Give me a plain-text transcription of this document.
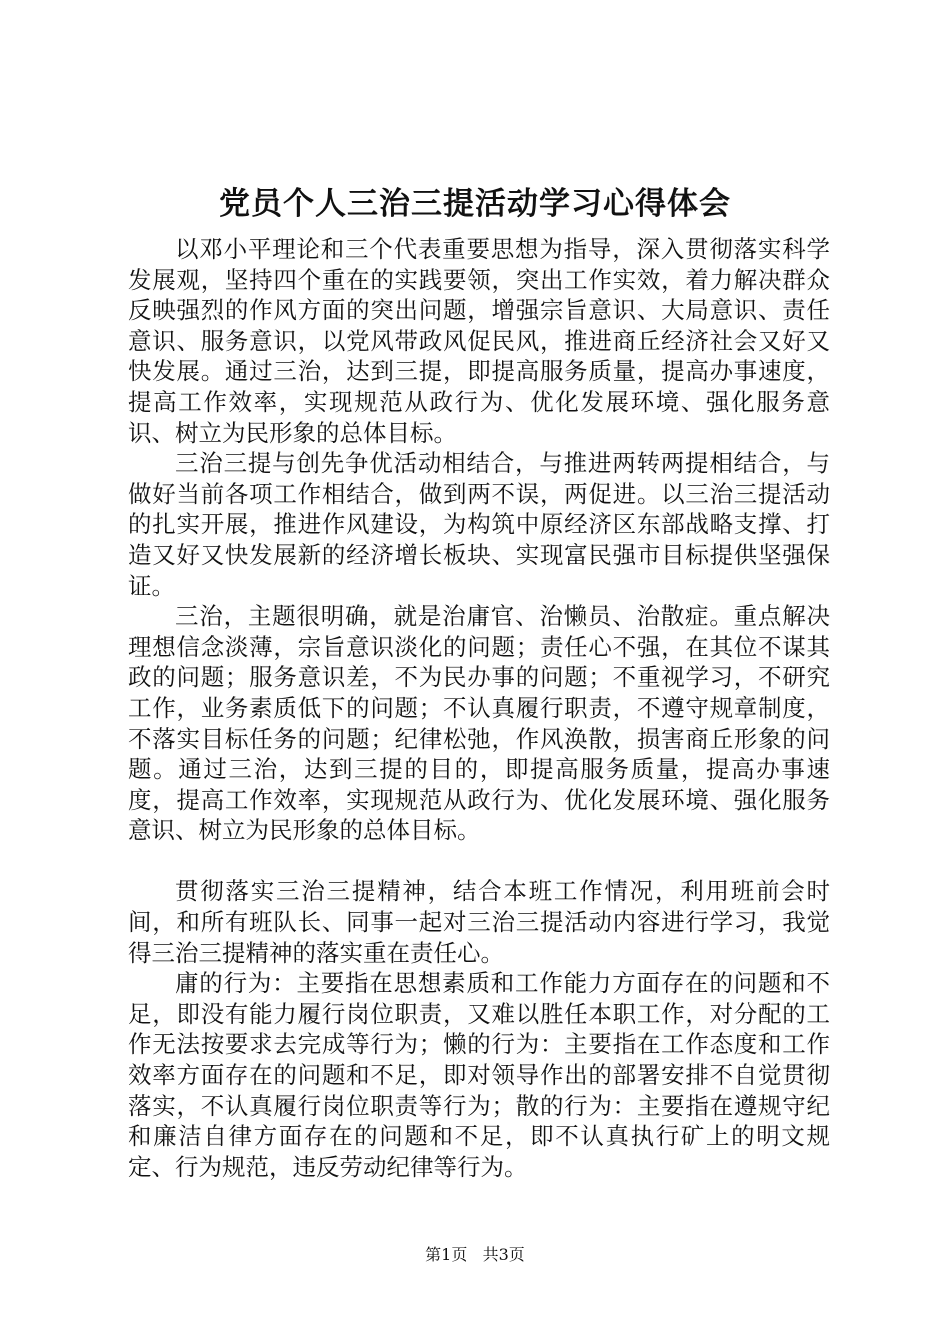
党员个人三治三提活动学习心得体会

以邓小平理论和三个代表重要思想为指导，深入贯彻落实科学发展观，坚持四个重在的实践要领，突出工作实效，着力解决群众反映强烈的作风方面的突出问题，增强宗旨意识、大局意识、责任意识、服务意识，以党风带政风促民风，推进商丘经济社会又好又快发展。通过三治，达到三提，即提高服务质量，提高办事速度，提高工作效率，实现规范从政行为、优化发展环境、强化服务意识、树立为民形象的总体目标。

三治三提与创先争优活动相结合，与推进两转两提相结合，与做好当前各项工作相结合，做到两不误，两促进。以三治三提活动的扎实开展，推进作风建设，为构筑中原经济区东部战略支撑、打造又好又快发展新的经济增长板块、实现富民强市目标提供坚强保证。

三治，主题很明确，就是治庸官、治懒员、治散症。重点解决理想信念淡薄，宗旨意识淡化的问题；责任心不强，在其位不谋其政的问题；服务意识差，不为民办事的问题；不重视学习，不研究工作，业务素质低下的问题；不认真履行职责，不遵守规章制度，不落实目标任务的问题；纪律松弛，作风涣散，损害商丘形象的问题。通过三治，达到三提的目的，即提高服务质量，提高办事速度，提高工作效率，实现规范从政行为、优化发展环境、强化服务意识、树立为民形象的总体目标。

贯彻落实三治三提精神，结合本班工作情况，利用班前会时间，和所有班队长、同事一起对三治三提活动内容进行学习，我觉得三治三提精神的落实重在责任心。

庸的行为：主要指在思想素质和工作能力方面存在的问题和不足，即没有能力履行岗位职责，又难以胜任本职工作，对分配的工作无法按要求去完成等行为；懒的行为：主要指在工作态度和工作效率方面存在的问题和不足，即对领导作出的部署安排不自觉贯彻落实，不认真履行岗位职责等行为；散的行为：主要指在遵规守纪和廉洁自律方面存在的问题和不足，即不认真执行矿上的明文规定、行为规范，违反劳动纪律等行为。

第1页 共3页
